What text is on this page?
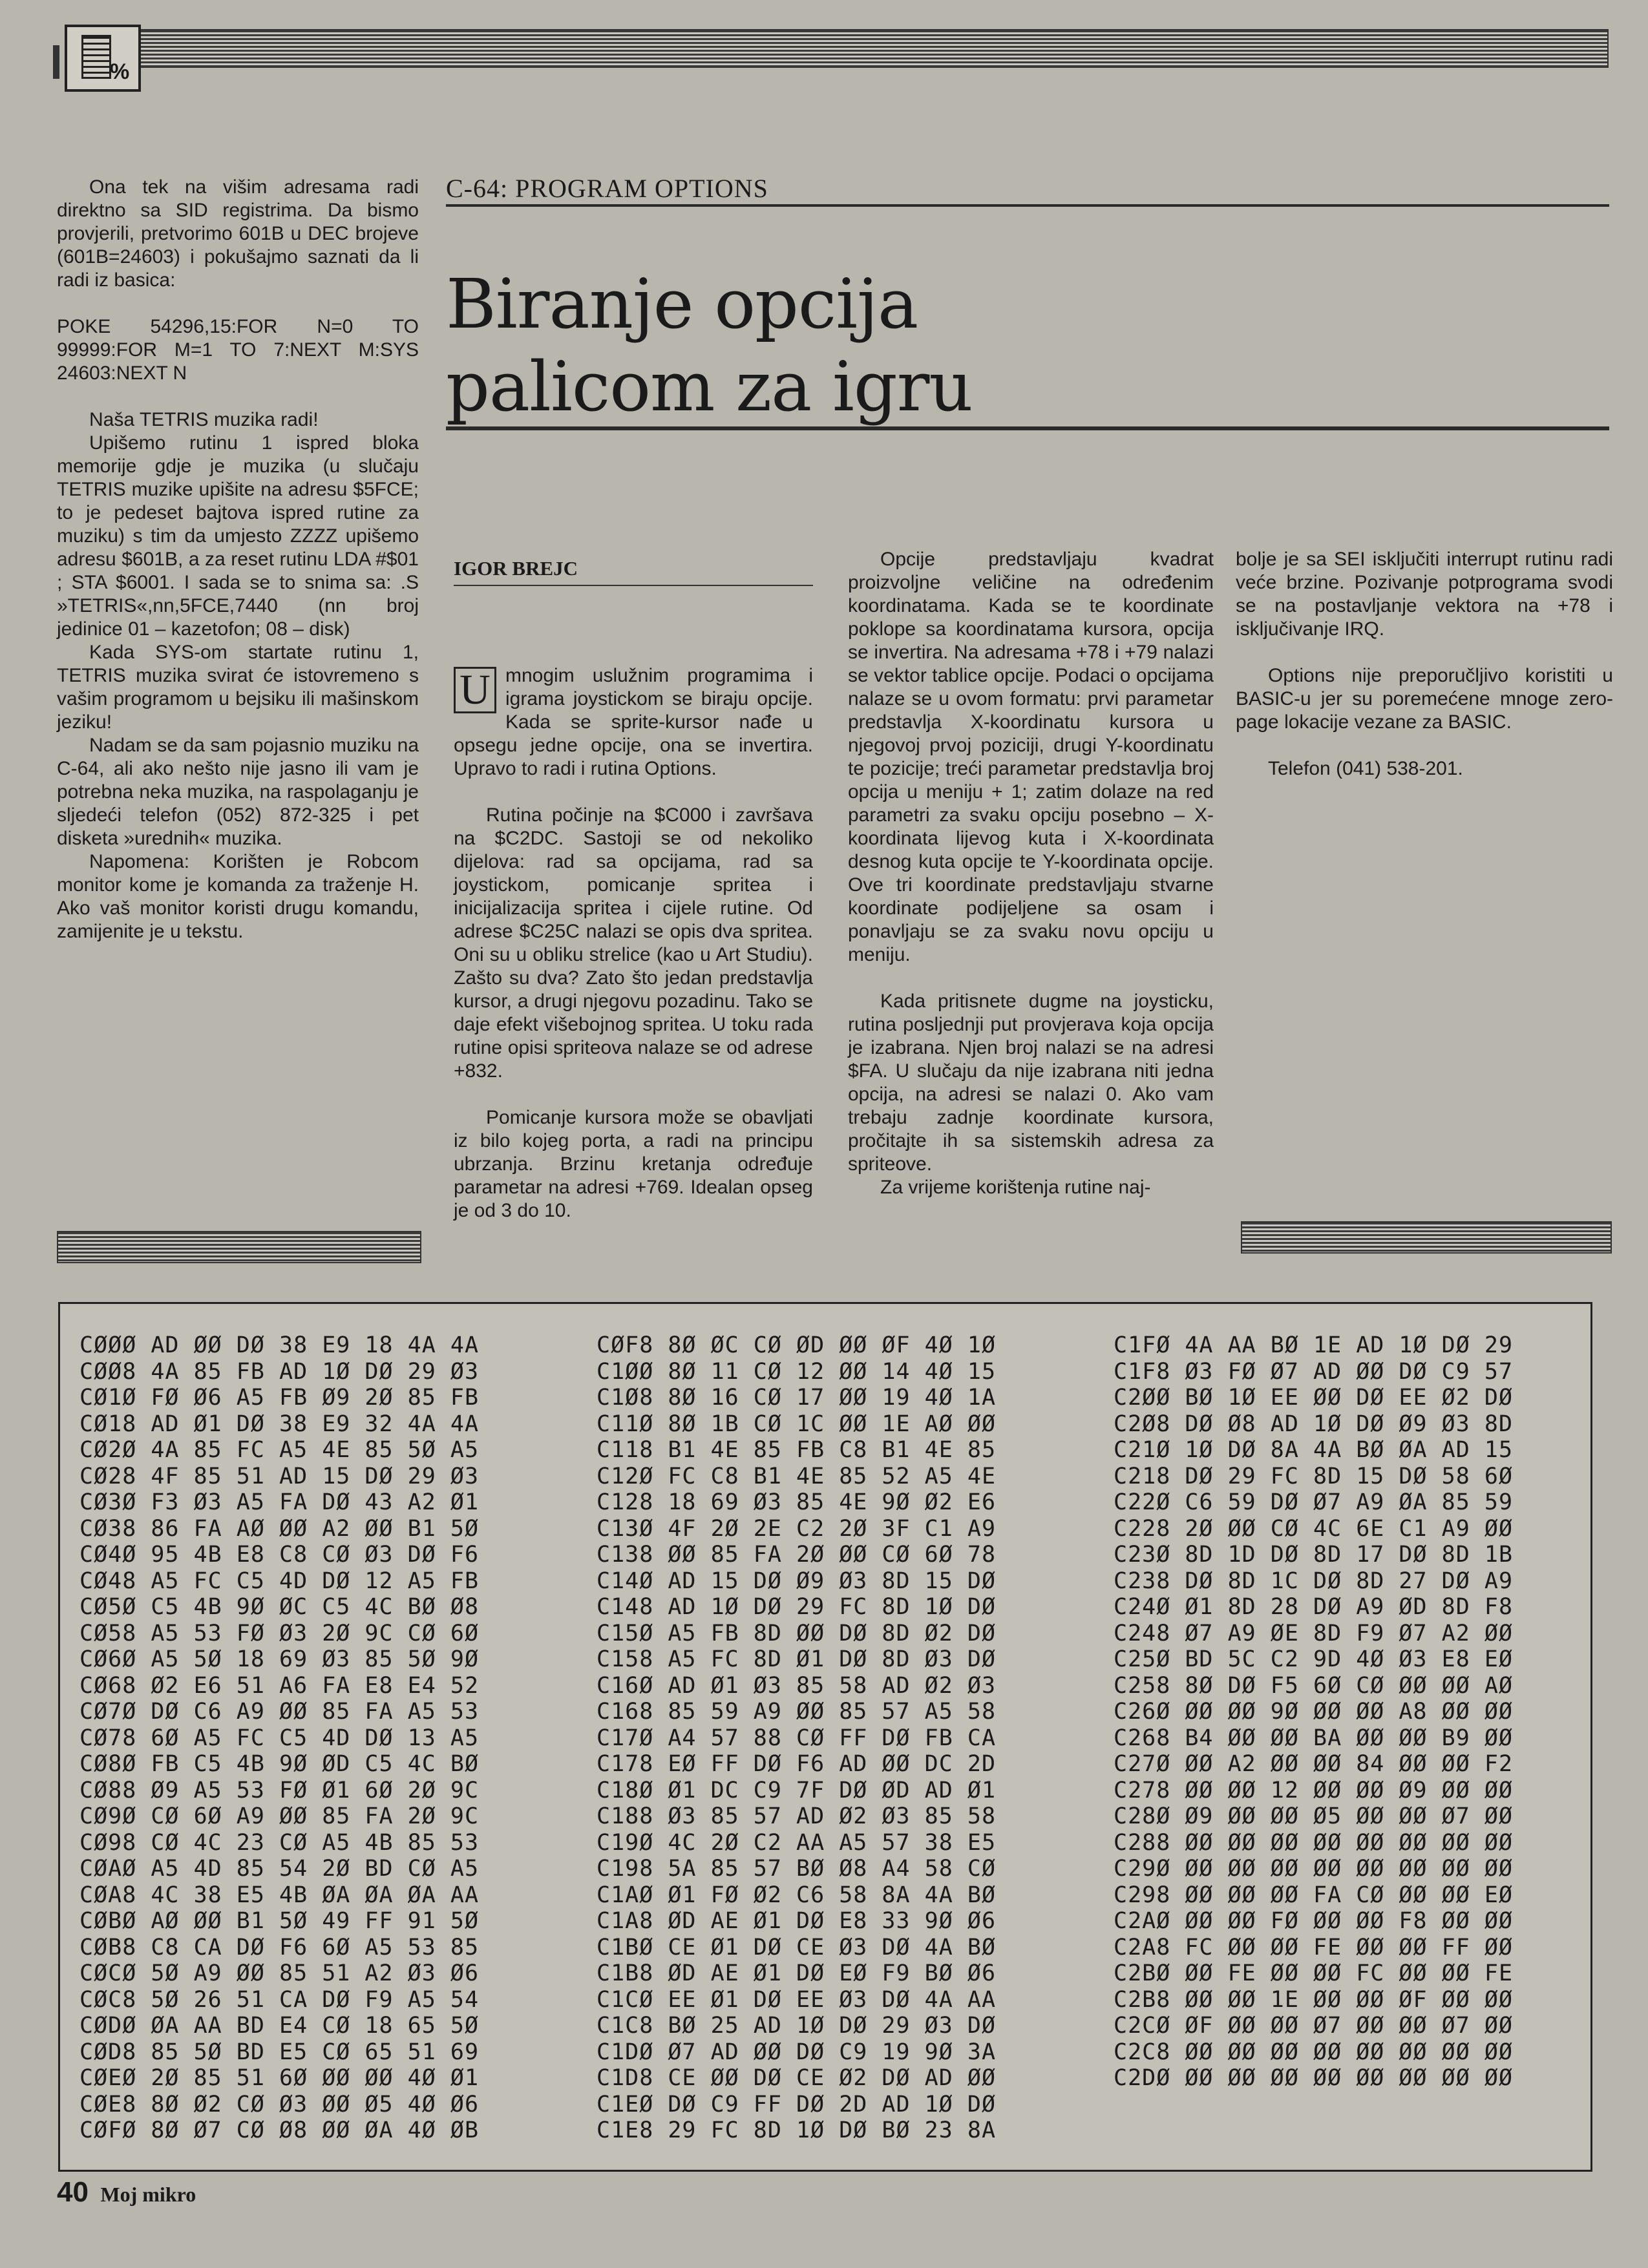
%
C-64: PROGRAM OPTIONS
Biranje opcija
palicom za igru

Ona tek na višim adresama radi direktno sa SID registrima. Da bismo provjerili, pretvorimo 601B u DEC brojeve (601B=24603) i pokušajmo saznati da li radi iz basica:

POKE 54296,15:FOR N=0 TO 99999:FOR M=1 TO 7:NEXT M:SYS 24603:NEXT N

Naša TETRIS muzika radi!

Upišemo rutinu 1 ispred bloka memorije gdje je muzika (u slučaju TETRIS muzike upišite na adresu $5FCE; to je pedeset bajtova ispred rutine za muziku) s tim da umjesto ZZZZ upišemo adresu $601B, a za reset rutinu LDA #$01 ; STA $6001. I sada se to snima sa: .S »TETRIS«,nn,5FCE,7440 (nn broj jedinice 01 – kazetofon; 08 – disk)

Kada SYS-om startate rutinu 1, TETRIS muzika svirat će istovremeno s vašim programom u bejsiku ili mašinskom jeziku!

Nadam se da sam pojasnio muziku na C-64, ali ako nešto nije jasno ili vam je potrebna neka muzika, na raspolaganju je sljedeći telefon (052) 872-325 i pet disketa »urednih« muzika.

Napomena: Korišten je Robcom monitor kome je komanda za traženje H. Ako vaš monitor koristi drugu komandu, zamijenite je u tekstu.

IGOR BREJC

U mnogim uslužnim programima i igrama joystickom se biraju opcije. Kada se sprite-kursor nađe u opsegu jedne opcije, ona se invertira. Upravo to radi i rutina Options.

Rutina počinje na $C000 i završava na $C2DC. Sastoji se od nekoliko dijelova: rad sa opcijama, rad sa joystickom, pomicanje spritea i inicijalizacija spritea i cijele rutine. Od adrese $C25C nalazi se opis dva spritea. Oni su u obliku strelice (kao u Art Studiu). Zašto su dva? Zato što jedan predstavlja kursor, a drugi njegovu pozadinu. Tako se daje efekt višebojnog spritea. U toku rada rutine opisi spriteova nalaze se od adrese +832.

Pomicanje kursora može se obavljati iz bilo kojeg porta, a radi na principu ubrzanja. Brzinu kretanja određuje parametar na adresi +769. Idealan opseg je od 3 do 10.

Opcije predstavljaju kvadrat proizvoljne veličine na određenim koordinatama. Kada se te koordinate poklope sa koordinatama kursora, opcija se invertira. Na adresama +78 i +79 nalazi se vektor tablice opcije. Podaci o opcijama nalaze se u ovom formatu: prvi parametar predstavlja X-koordinatu kursora u njegovoj prvoj poziciji, drugi Y-koordinatu te pozicije; treći parametar predstavlja broj opcija u meniju + 1; zatim dolaze na red parametri za svaku opciju posebno – X-koordinata lijevog kuta i X-koordinata desnog kuta opcije te Y-koordinata opcije. Ove tri koordinate predstavljaju stvarne koordinate podijeljene sa osam i ponavljaju se za svaku novu opciju u meniju.

Kada pritisnete dugme na joysticku, rutina posljednji put provjerava koja opcija je izabrana. Njen broj nalazi se na adresi $FA. U slučaju da nije izabrana niti jedna opcija, na adresi se nalazi 0. Ako vam trebaju zadnje koordinate kursora, pročitajte ih sa sistemskih adresa za spriteove.

Za vrijeme korištenja rutine naj-

bolje je sa SEI isključiti interrupt rutinu radi veće brzine. Pozivanje potprograma svodi se na postavljanje vektora na +78 i isključivanje IRQ.

Options nije preporučljivo koristiti u BASIC-u jer su poremećene mnoge zero-page lokacije vezane za BASIC.

Telefon (041) 538-201.

CØØØ AD ØØ DØ 38 E9 18 4A 4A
CØØ8 4A 85 FB AD 1Ø DØ 29 Ø3
CØ1Ø FØ Ø6 A5 FB Ø9 2Ø 85 FB
CØ18 AD Ø1 DØ 38 E9 32 4A 4A
CØ2Ø 4A 85 FC A5 4E 85 5Ø A5
CØ28 4F 85 51 AD 15 DØ 29 Ø3
CØ3Ø F3 Ø3 A5 FA DØ 43 A2 Ø1
CØ38 86 FA AØ ØØ A2 ØØ B1 5Ø
CØ4Ø 95 4B E8 C8 CØ Ø3 DØ F6
CØ48 A5 FC C5 4D DØ 12 A5 FB
CØ5Ø C5 4B 9Ø ØC C5 4C BØ Ø8
CØ58 A5 53 FØ Ø3 2Ø 9C CØ 6Ø
CØ6Ø A5 5Ø 18 69 Ø3 85 5Ø 9Ø
CØ68 Ø2 E6 51 A6 FA E8 E4 52
CØ7Ø DØ C6 A9 ØØ 85 FA A5 53
CØ78 6Ø A5 FC C5 4D DØ 13 A5
CØ8Ø FB C5 4B 9Ø ØD C5 4C BØ
CØ88 Ø9 A5 53 FØ Ø1 6Ø 2Ø 9C
CØ9Ø CØ 6Ø A9 ØØ 85 FA 2Ø 9C
CØ98 CØ 4C 23 CØ A5 4B 85 53
CØAØ A5 4D 85 54 2Ø BD CØ A5
CØA8 4C 38 E5 4B ØA ØA ØA AA
CØBØ AØ ØØ B1 5Ø 49 FF 91 5Ø
CØB8 C8 CA DØ F6 6Ø A5 53 85
CØCØ 5Ø A9 ØØ 85 51 A2 Ø3 Ø6
CØC8 5Ø 26 51 CA DØ F9 A5 54
CØDØ ØA AA BD E4 CØ 18 65 5Ø
CØD8 85 5Ø BD E5 CØ 65 51 69
CØEØ 2Ø 85 51 6Ø ØØ ØØ 4Ø Ø1
CØE8 8Ø Ø2 CØ Ø3 ØØ Ø5 4Ø Ø6
CØFØ 8Ø Ø7 CØ Ø8 ØØ ØA 4Ø ØB
CØF8 8Ø ØC CØ ØD ØØ ØF 4Ø 1Ø
C1ØØ 8Ø 11 CØ 12 ØØ 14 4Ø 15
C1Ø8 8Ø 16 CØ 17 ØØ 19 4Ø 1A
C11Ø 8Ø 1B CØ 1C ØØ 1E AØ ØØ
C118 B1 4E 85 FB C8 B1 4E 85
C12Ø FC C8 B1 4E 85 52 A5 4E
C128 18 69 Ø3 85 4E 9Ø Ø2 E6
C13Ø 4F 2Ø 2E C2 2Ø 3F C1 A9
C138 ØØ 85 FA 2Ø ØØ CØ 6Ø 78
C14Ø AD 15 DØ Ø9 Ø3 8D 15 DØ
C148 AD 1Ø DØ 29 FC 8D 1Ø DØ
C15Ø A5 FB 8D ØØ DØ 8D Ø2 DØ
C158 A5 FC 8D Ø1 DØ 8D Ø3 DØ
C16Ø AD Ø1 Ø3 85 58 AD Ø2 Ø3
C168 85 59 A9 ØØ 85 57 A5 58
C17Ø A4 57 88 CØ FF DØ FB CA
C178 EØ FF DØ F6 AD ØØ DC 2D
C18Ø Ø1 DC C9 7F DØ ØD AD Ø1
C188 Ø3 85 57 AD Ø2 Ø3 85 58
C19Ø 4C 2Ø C2 AA A5 57 38 E5
C198 5A 85 57 BØ Ø8 A4 58 CØ
C1AØ Ø1 FØ Ø2 C6 58 8A 4A BØ
C1A8 ØD AE Ø1 DØ E8 33 9Ø Ø6
C1BØ CE Ø1 DØ CE Ø3 DØ 4A BØ
C1B8 ØD AE Ø1 DØ EØ F9 BØ Ø6
C1CØ EE Ø1 DØ EE Ø3 DØ 4A AA
C1C8 BØ 25 AD 1Ø DØ 29 Ø3 DØ
C1DØ Ø7 AD ØØ DØ C9 19 9Ø 3A
C1D8 CE ØØ DØ CE Ø2 DØ AD ØØ
C1EØ DØ C9 FF DØ 2D AD 1Ø DØ
C1E8 29 FC 8D 1Ø DØ BØ 23 8A
C1FØ 4A AA BØ 1E AD 1Ø DØ 29
C1F8 Ø3 FØ Ø7 AD ØØ DØ C9 57
C2ØØ BØ 1Ø EE ØØ DØ EE Ø2 DØ
C2Ø8 DØ Ø8 AD 1Ø DØ Ø9 Ø3 8D
C21Ø 1Ø DØ 8A 4A BØ ØA AD 15
C218 DØ 29 FC 8D 15 DØ 58 6Ø
C22Ø C6 59 DØ Ø7 A9 ØA 85 59
C228 2Ø ØØ CØ 4C 6E C1 A9 ØØ
C23Ø 8D 1D DØ 8D 17 DØ 8D 1B
C238 DØ 8D 1C DØ 8D 27 DØ A9
C24Ø Ø1 8D 28 DØ A9 ØD 8D F8
C248 Ø7 A9 ØE 8D F9 Ø7 A2 ØØ
C25Ø BD 5C C2 9D 4Ø Ø3 E8 EØ
C258 8Ø DØ F5 6Ø CØ ØØ ØØ AØ
C26Ø ØØ ØØ 9Ø ØØ ØØ A8 ØØ ØØ
C268 B4 ØØ ØØ BA ØØ ØØ B9 ØØ
C27Ø ØØ A2 ØØ ØØ 84 ØØ ØØ F2
C278 ØØ ØØ 12 ØØ ØØ Ø9 ØØ ØØ
C28Ø Ø9 ØØ ØØ Ø5 ØØ ØØ Ø7 ØØ
C288 ØØ ØØ ØØ ØØ ØØ ØØ ØØ ØØ
C29Ø ØØ ØØ ØØ ØØ ØØ ØØ ØØ ØØ
C298 ØØ ØØ ØØ FA CØ ØØ ØØ EØ
C2AØ ØØ ØØ FØ ØØ ØØ F8 ØØ ØØ
C2A8 FC ØØ ØØ FE ØØ ØØ FF ØØ
C2BØ ØØ FE ØØ ØØ FC ØØ ØØ FE
C2B8 ØØ ØØ 1E ØØ ØØ ØF ØØ ØØ
C2CØ ØF ØØ ØØ Ø7 ØØ ØØ Ø7 ØØ
C2C8 ØØ ØØ ØØ ØØ ØØ ØØ ØØ ØØ
C2DØ ØØ ØØ ØØ ØØ ØØ ØØ ØØ ØØ
40 Moj mikro
